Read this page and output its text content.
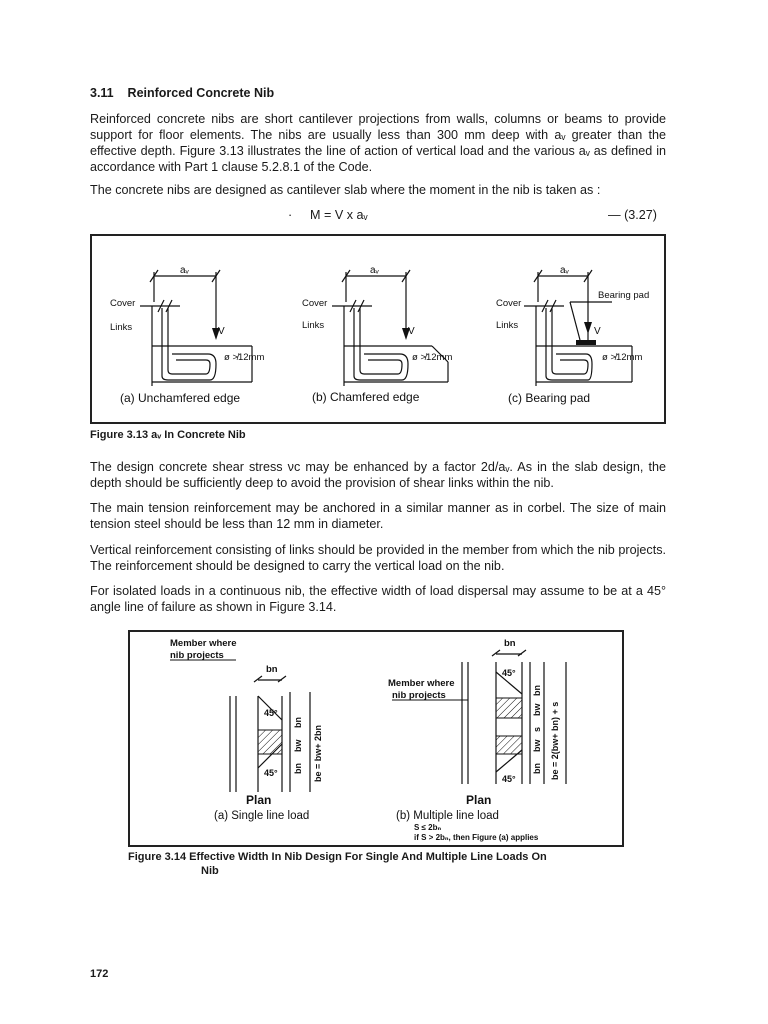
3.11 Reinforced Concrete Nib
Reinforced concrete nibs are short cantilever projections from walls, columns or beams to provide support for floor elements. The nibs are usually less than 300 mm deep with aᵥ greater than the effective depth. Figure 3.13 illustrates the line of action of vertical load and the various aᵥ as defined in accordance with Part 1 clause 5.2.8.1 of the Code.
The concrete nibs are designed as cantilever slab where the moment in the nib is taken as :
· M = V x aᵥ	— (3.27)
aᵥ
Cover
Links	V
ø ≯12mm
(a) Unchamfered edge
aᵥ
Cover
Links
V
ø ≯12mm
(b) Chamfered edge
aᵥ
Cover
Links
Bearing pad
V
ø ≯12mm
(c) Bearing pad
Figure 3.13 aᵥ In Concrete Nib
The design concrete shear stress νᴄ may be enhanced by a factor 2d/aᵥ. As in the slab design, the depth should be sufficiently deep to avoid the provision of shear links within the nib.
The main tension reinforcement may be anchored in a similar manner as in corbel. The size of main tension steel should be less than 12 mm in diameter.
Vertical reinforcement consisting of links should be provided in the member from which the nib projects. The reinforcement should be designed to carry the vertical load on the nib.
For isolated loads in a continuous nib, the effective width of load dispersal may assume to be at a 45° angle line of failure as shown in Figure 3.14.
Member where
nib projects
bn
45°
45°
bn
bw
bn be = bw+ 2bn
Plan
(a) Single line load
Member where
nib projects
bn
45°
45°
bn
bw
s
bw
bn be = 2(bw+ bn) + s
Plan
(b) Multiple line load
S ≤ 2bₙ
if S > 2bₙ, then Figure (a) applies
Figure 3.14 Effective Width In Nib Design For Single And Multiple Line Loads On
Nib
172
